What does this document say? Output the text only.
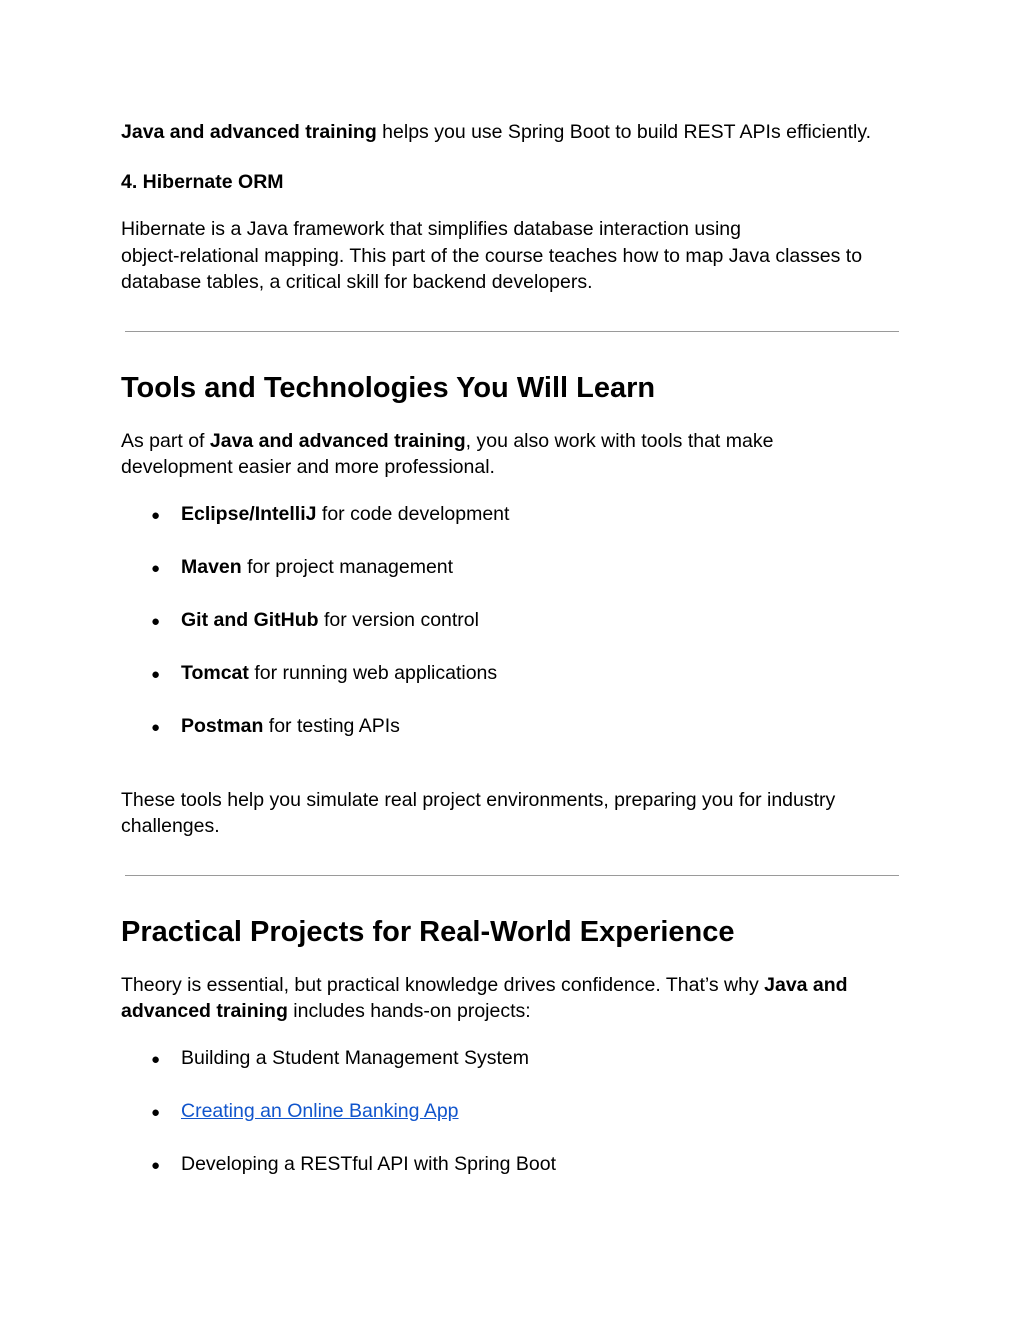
Java and advanced training helps you use Spring Boot to build REST APIs efficiently.
4. Hibernate ORM
Hibernate is a Java framework that simplifies database interaction using
object-relational mapping. This part of the course teaches how to map Java classes to
database tables, a critical skill for backend developers.
Tools and Technologies You Will Learn
As part of Java and advanced training, you also work with tools that make
development easier and more professional.
● Eclipse/IntelliJ for code development
● Maven for project management
● Git and GitHub for version control
● Tomcat for running web applications
● Postman for testing APIs
These tools help you simulate real project environments, preparing you for industry
challenges.
Practical Projects for Real-World Experience
Theory is essential, but practical knowledge drives confidence. That’s why Java and
advanced training includes hands-on projects:
● Building a Student Management System
● Creating an Online Banking App
● Developing a RESTful API with Spring Boot
